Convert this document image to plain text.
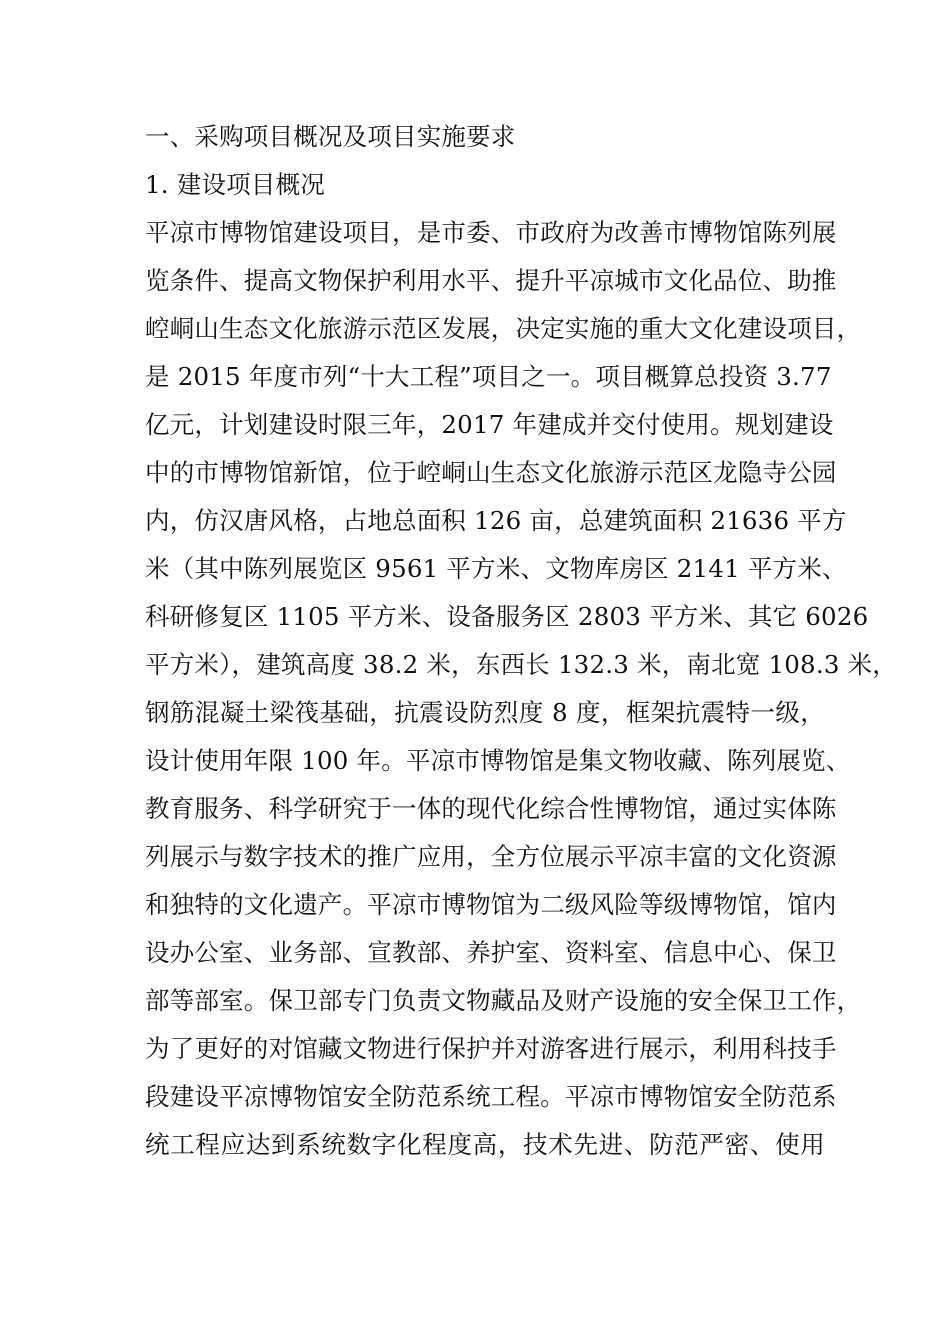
一、采购项目概况及项目实施要求
1. 建设项目概况
平凉市博物馆建设项目，是市委、市政府为改善市博物馆陈列展
览条件、提高文物保护利用水平、提升平凉城市文化品位、助推
崆峒山生态文化旅游示范区发展，决定实施的重大文化建设项目，
是 2015 年度市列“十大工程”项目之一。项目概算总投资 3.77
亿元，计划建设时限三年，2017 年建成并交付使用。规划建设
中的市博物馆新馆，位于崆峒山生态文化旅游示范区龙隐寺公园
内，仿汉唐风格，占地总面积 126 亩，总建筑面积 21636 平方
米（其中陈列展览区 9561 平方米、文物库房区 2141 平方米、
科研修复区 1105 平方米、设备服务区 2803 平方米、其它 6026
平方米），建筑高度 38.2 米，东西长 132.3 米，南北宽 108.3 米，
钢筋混凝土梁筏基础，抗震设防烈度 8 度，框架抗震特一级，
设计使用年限 100 年。平凉市博物馆是集文物收藏、陈列展览、
教育服务、科学研究于一体的现代化综合性博物馆，通过实体陈
列展示与数字技术的推广应用，全方位展示平凉丰富的文化资源
和独特的文化遗产。平凉市博物馆为二级风险等级博物馆，馆内
设办公室、业务部、宣教部、养护室、资料室、信息中心、保卫
部等部室。保卫部专门负责文物藏品及财产设施的安全保卫工作，
为了更好的对馆藏文物进行保护并对游客进行展示，利用科技手
段建设平凉博物馆安全防范系统工程。平凉市博物馆安全防范系
统工程应达到系统数字化程度高，技术先进、防范严密、使用
